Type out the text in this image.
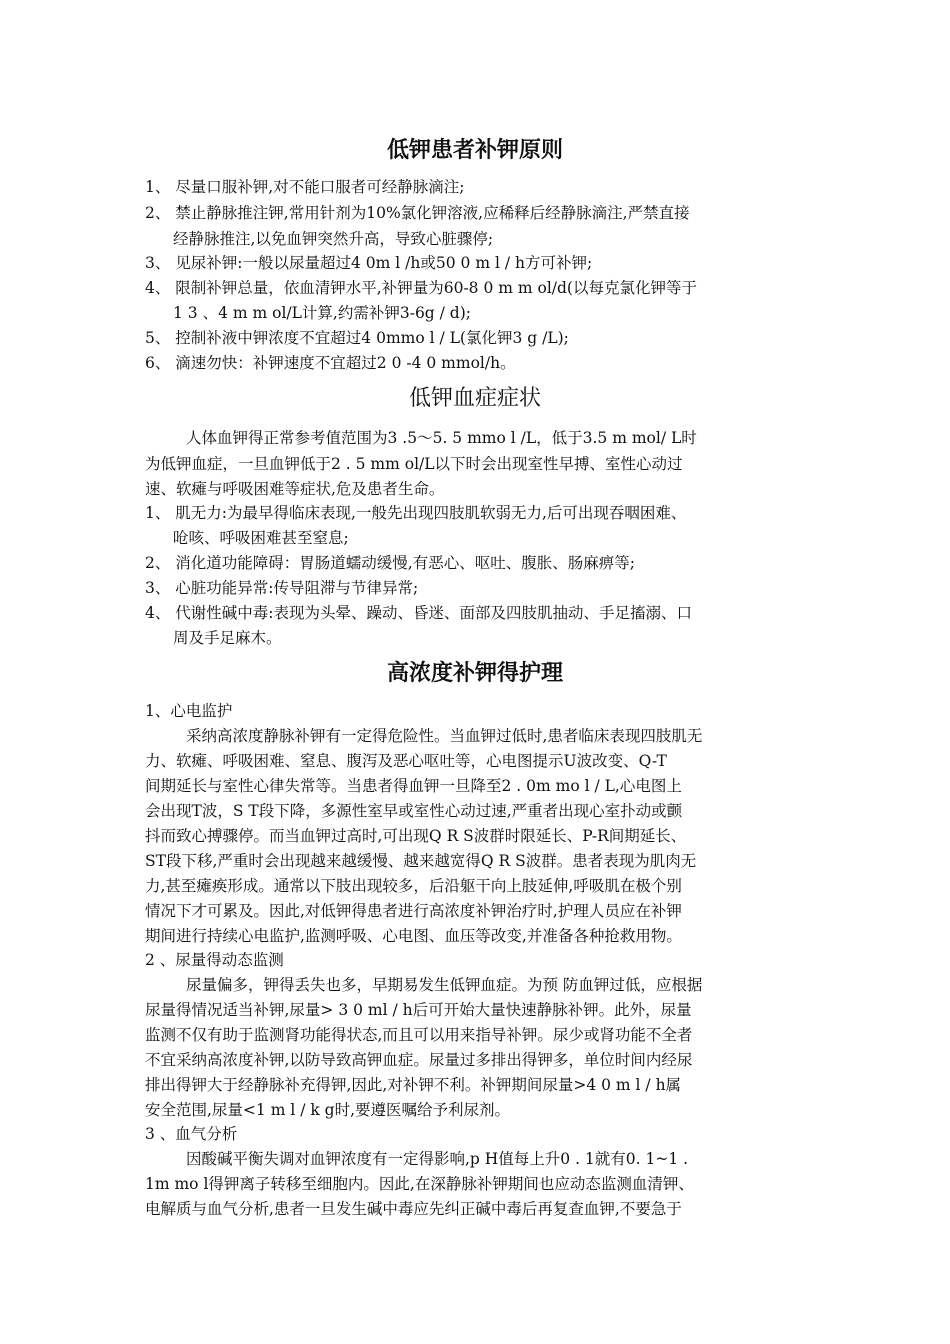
低钾患者补钾原则
1、 尽量口服补钾,对不能口服者可经静脉滴注;
2、 禁止静脉推注钾,常用针剂为10%氯化钾溶液,应稀释后经静脉滴注,严禁直接
经静脉推注,以免血钾突然升高，导致心脏骤停;
3、 见尿补钾:一般以尿量超过4 0m l /h或50 0 m l / h方可补钾;
4、 限制补钾总量，依血清钾水平,补钾量为60-8 0 m m ol/d(以每克氯化钾等于
1 3 、4 m m ol/L计算,约需补钾3-6g / d);
5、 控制补液中钾浓度不宜超过4 0mmo l / L(氯化钾3 g /L);
6、 滴速勿快：补钾速度不宜超过2 0 -4 0 mmol/h。
低钾血症症状
人体血钾得正常参考值范围为3 .5～5. 5 mmo l /L，低于3.5 m mol/ L时
为低钾血症，一旦血钾低于2 . 5 mm ol/L以下时会出现室性早搏、室性心动过
速、软瘫与呼吸困难等症状,危及患者生命。
1、 肌无力:为最早得临床表现,一般先出现四肢肌软弱无力,后可出现吞咽困难、
呛咳、呼吸困难甚至窒息;
2、 消化道功能障碍：胃肠道蠕动缓慢,有恶心、呕吐、腹胀、肠麻痹等;
3、 心脏功能异常:传导阻滞与节律异常;
4、 代谢性碱中毒:表现为头晕、躁动、昏迷、面部及四肢肌抽动、手足搐溺、口
周及手足麻木。
高浓度补钾得护理
1、心电监护
采纳高浓度静脉补钾有一定得危险性。当血钾过低时,患者临床表现四肢肌无
力、软瘫、呼吸困难、窒息、腹泻及恶心呕吐等，心电图提示U波改变、Q-T
间期延长与室性心律失常等。当患者得血钾一旦降至2 . 0m mo l / L,心电图上
会出现T波，S T段下降，多源性室早或室性心动过速,严重者出现心室扑动或颤
抖而致心搏骤停。而当血钾过高时,可出现Q R S波群时限延长、P-R间期延长、
ST段下移,严重时会出现越来越缓慢、越来越宽得Q R S波群。患者表现为肌肉无
力,甚至瘫痪形成。通常以下肢出现较多，后沿躯干向上肢延伸,呼吸肌在极个别
情况下才可累及。因此,对低钾得患者进行高浓度补钾治疗时,护理人员应在补钾
期间进行持续心电监护,监测呼吸、心电图、血压等改变,并准备各种抢救用物。
2 、尿量得动态监测
尿量偏多，钾得丢失也多，早期易发生低钾血症。为预 防血钾过低，应根据
尿量得情况适当补钾,尿量> 3 0 ml / h后可开始大量快速静脉补钾。此外，尿量
监测不仅有助于监测肾功能得状态,而且可以用来指导补钾。尿少或肾功能不全者
不宜采纳高浓度补钾,以防导致高钾血症。尿量过多排出得钾多，单位时间内经尿
排出得钾大于经静脉补充得钾,因此,对补钾不利。补钾期间尿量>4 0 m l / h属
安全范围,尿量<1 m l / k g时,要遵医嘱给予利尿剂。
3 、血气分析
因酸碱平衡失调对血钾浓度有一定得影响,p H值每上升0 . 1就有0. 1~1 .
1m mo l得钾离子转移至细胞内。因此,在深静脉补钾期间也应动态监测血清钾、
电解质与血气分析,患者一旦发生碱中毒应先纠正碱中毒后再复查血钾,不要急于
